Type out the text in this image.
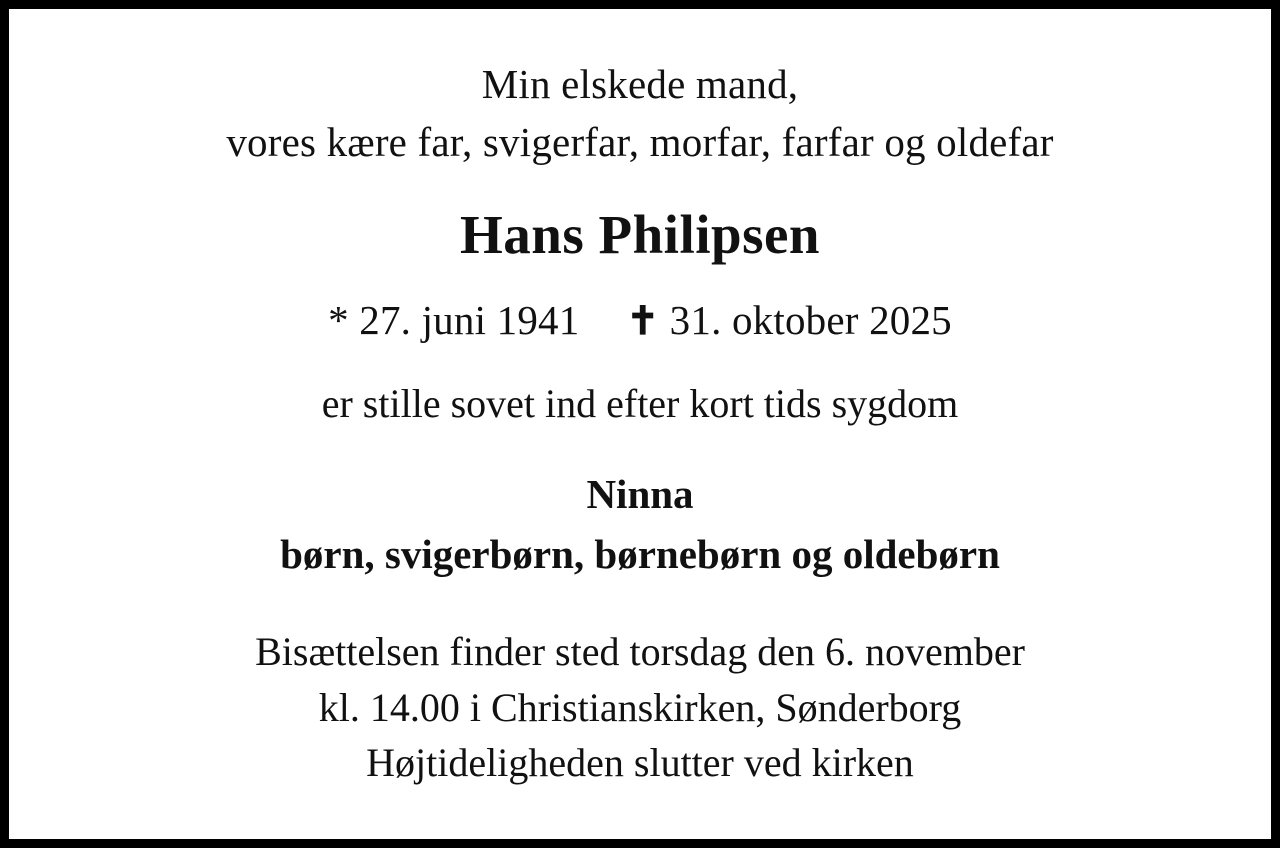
Min elskede mand,
vores kære far, svigerfar, morfar, farfar og oldefar
Hans Philipsen
* 27. juni 1941 ✝ 31. oktober 2025
er stille sovet ind efter kort tids sygdom
Ninna
børn, svigerbørn, børnebørn og oldebørn
Bisættelsen finder sted torsdag den 6. november
kl. 14.00 i Christianskirken, Sønderborg
Højtideligheden slutter ved kirken
